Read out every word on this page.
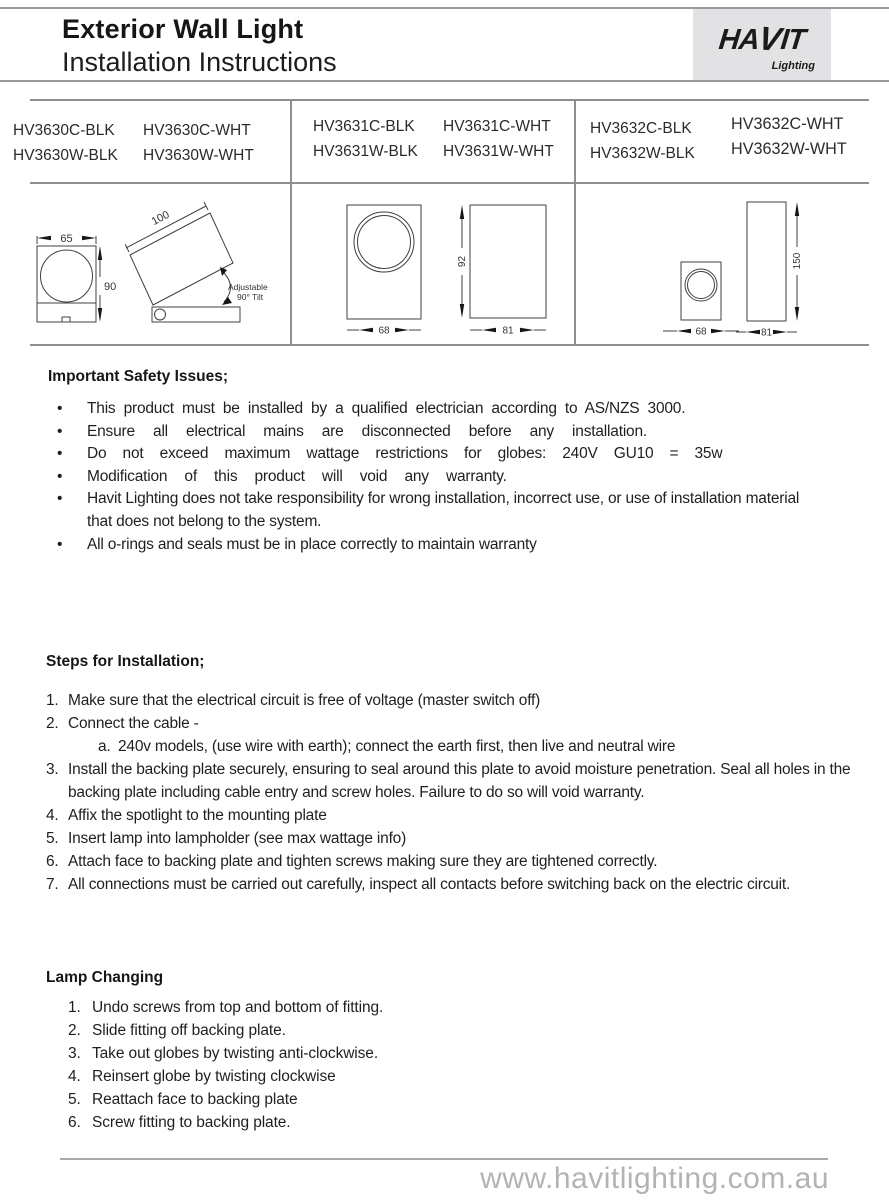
Exterior Wall Light
Installation Instructions
HAVIT
Lighting
HV3630C-BLK	HV3630C-WHT
HV3630W-BLK	HV3630W-WHT
HV3631C-BLK	HV3631C-WHT
HV3631W-BLK	HV3631W-WHT
HV3632C-BLK	HV3632C-WHT
HV3632W-BLK	HV3632W-WHT
65
90
100
Adjustable
90° Tilt
68
92
81	68
150
81
Important Safety Issues;
•
This product must be installed by a qualified electrician according to AS/NZS 3000.
•
Ensure all electrical mains are disconnected before any installation.
•
Do not exceed maximum wattage restrictions for globes: 240V GU10 = 35w
•
Modification of this product will void any warranty.
•
Havit Lighting does not take responsibility for wrong installation, incorrect use, or use of installation material that does not belong to the system.
•
All o-rings and seals must be in place correctly to maintain warranty
Steps for Installation;
1. Make sure that the electrical circuit is free of voltage (master switch off)
2. Connect the cable -
a. 240v models, (use wire with earth); connect the earth first, then live and neutral wire
3. Install the backing plate securely, ensuring to seal around this plate to avoid moisture penetration. Seal all holes in the backing plate including cable entry and screw holes. Failure to do so will void warranty.
4. Affix the spotlight to the mounting plate
5. Insert lamp into lampholder (see max wattage info)
6. Attach face to backing plate and tighten screws making sure they are tightened correctly.
7. All connections must be carried out carefully, inspect all contacts before switching back on the electric circuit.
Lamp Changing
1. Undo screws from top and bottom of fitting.
2. Slide fitting off backing plate.
3. Take out globes by twisting anti-clockwise.
4. Reinsert globe by twisting clockwise
5. Reattach face to backing plate
6. Screw fitting to backing plate.
www.havitlighting.com.au
